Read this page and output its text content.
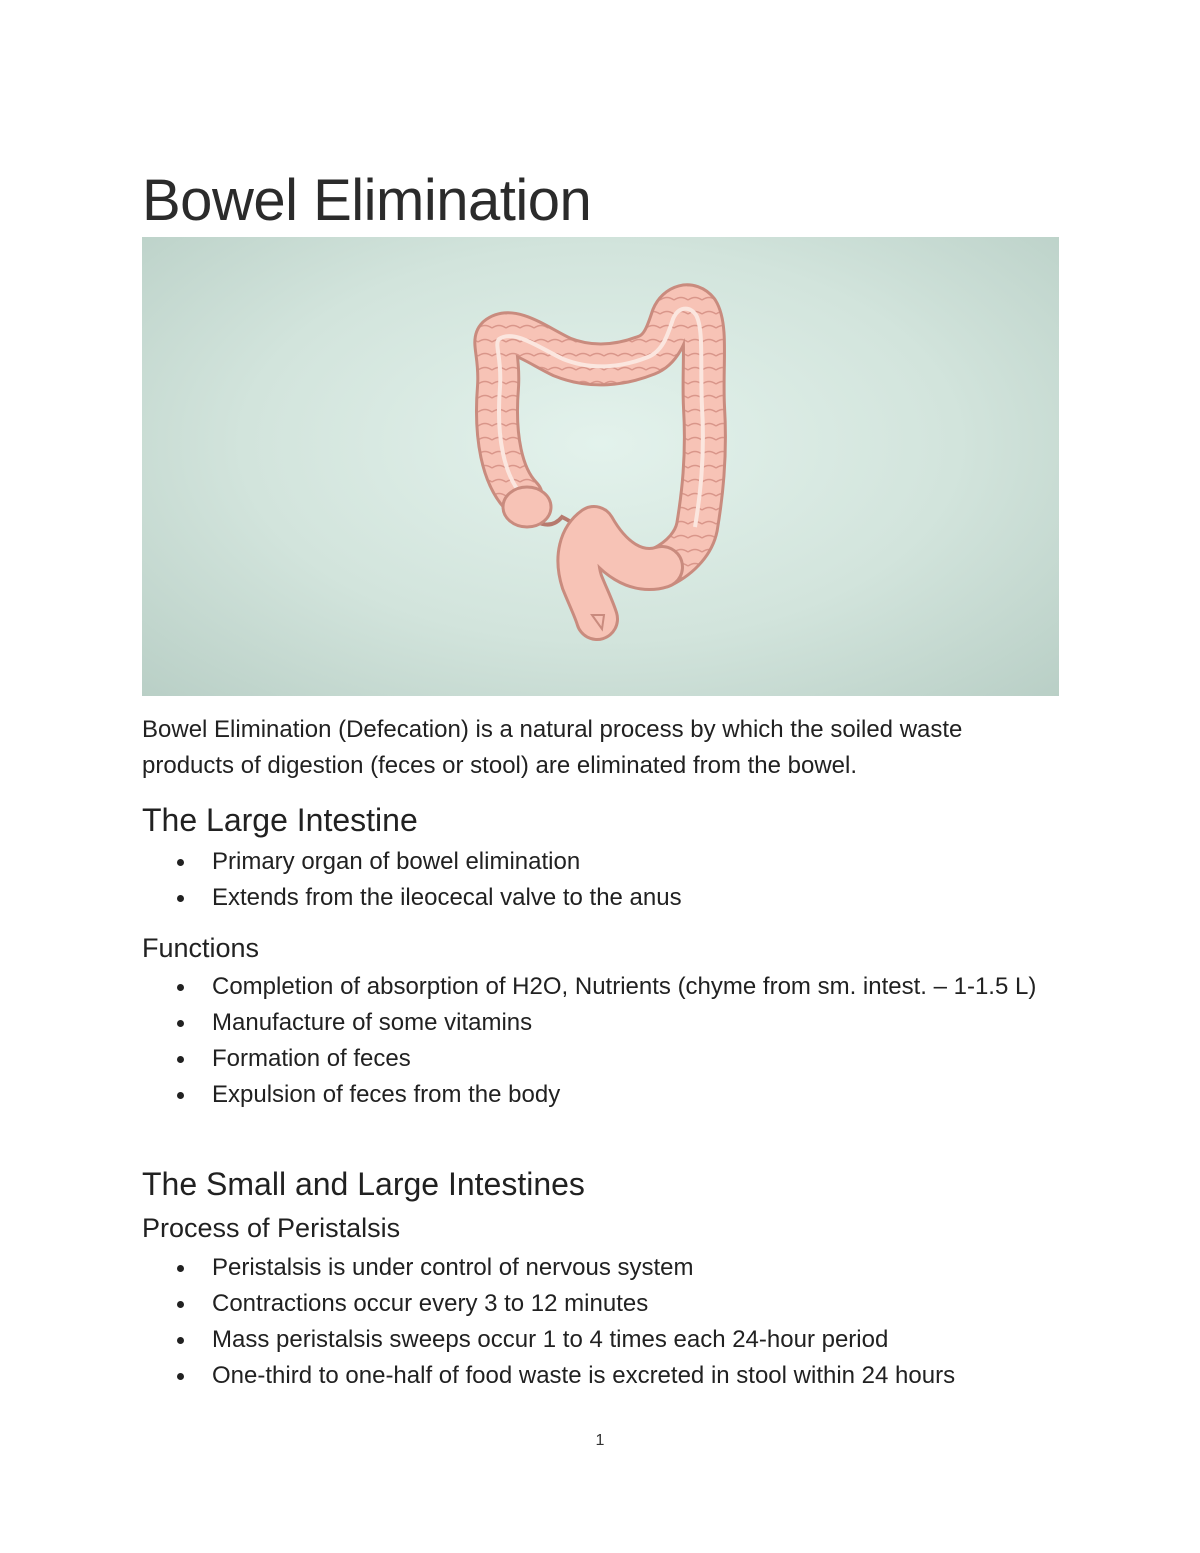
Bowel Elimination

Bowel Elimination (Defecation) is a natural process by which the soiled waste products of digestion (feces or stool) are eliminated from the bowel.

The Large Intestine
Primary organ of bowel elimination
Extends from the ileocecal valve to the anus
Functions
Completion of absorption of H2O, Nutrients (chyme from sm. intest. – 1-1.5 L)
Manufacture of some vitamins
Formation of feces
Expulsion of feces from the body
The Small and Large Intestines
Process of Peristalsis
Peristalsis is under control of nervous system
Contractions occur every 3 to 12 minutes
Mass peristalsis sweeps occur 1 to 4 times each 24-hour period
One-third to one-half of food waste is excreted in stool within 24 hours
1
